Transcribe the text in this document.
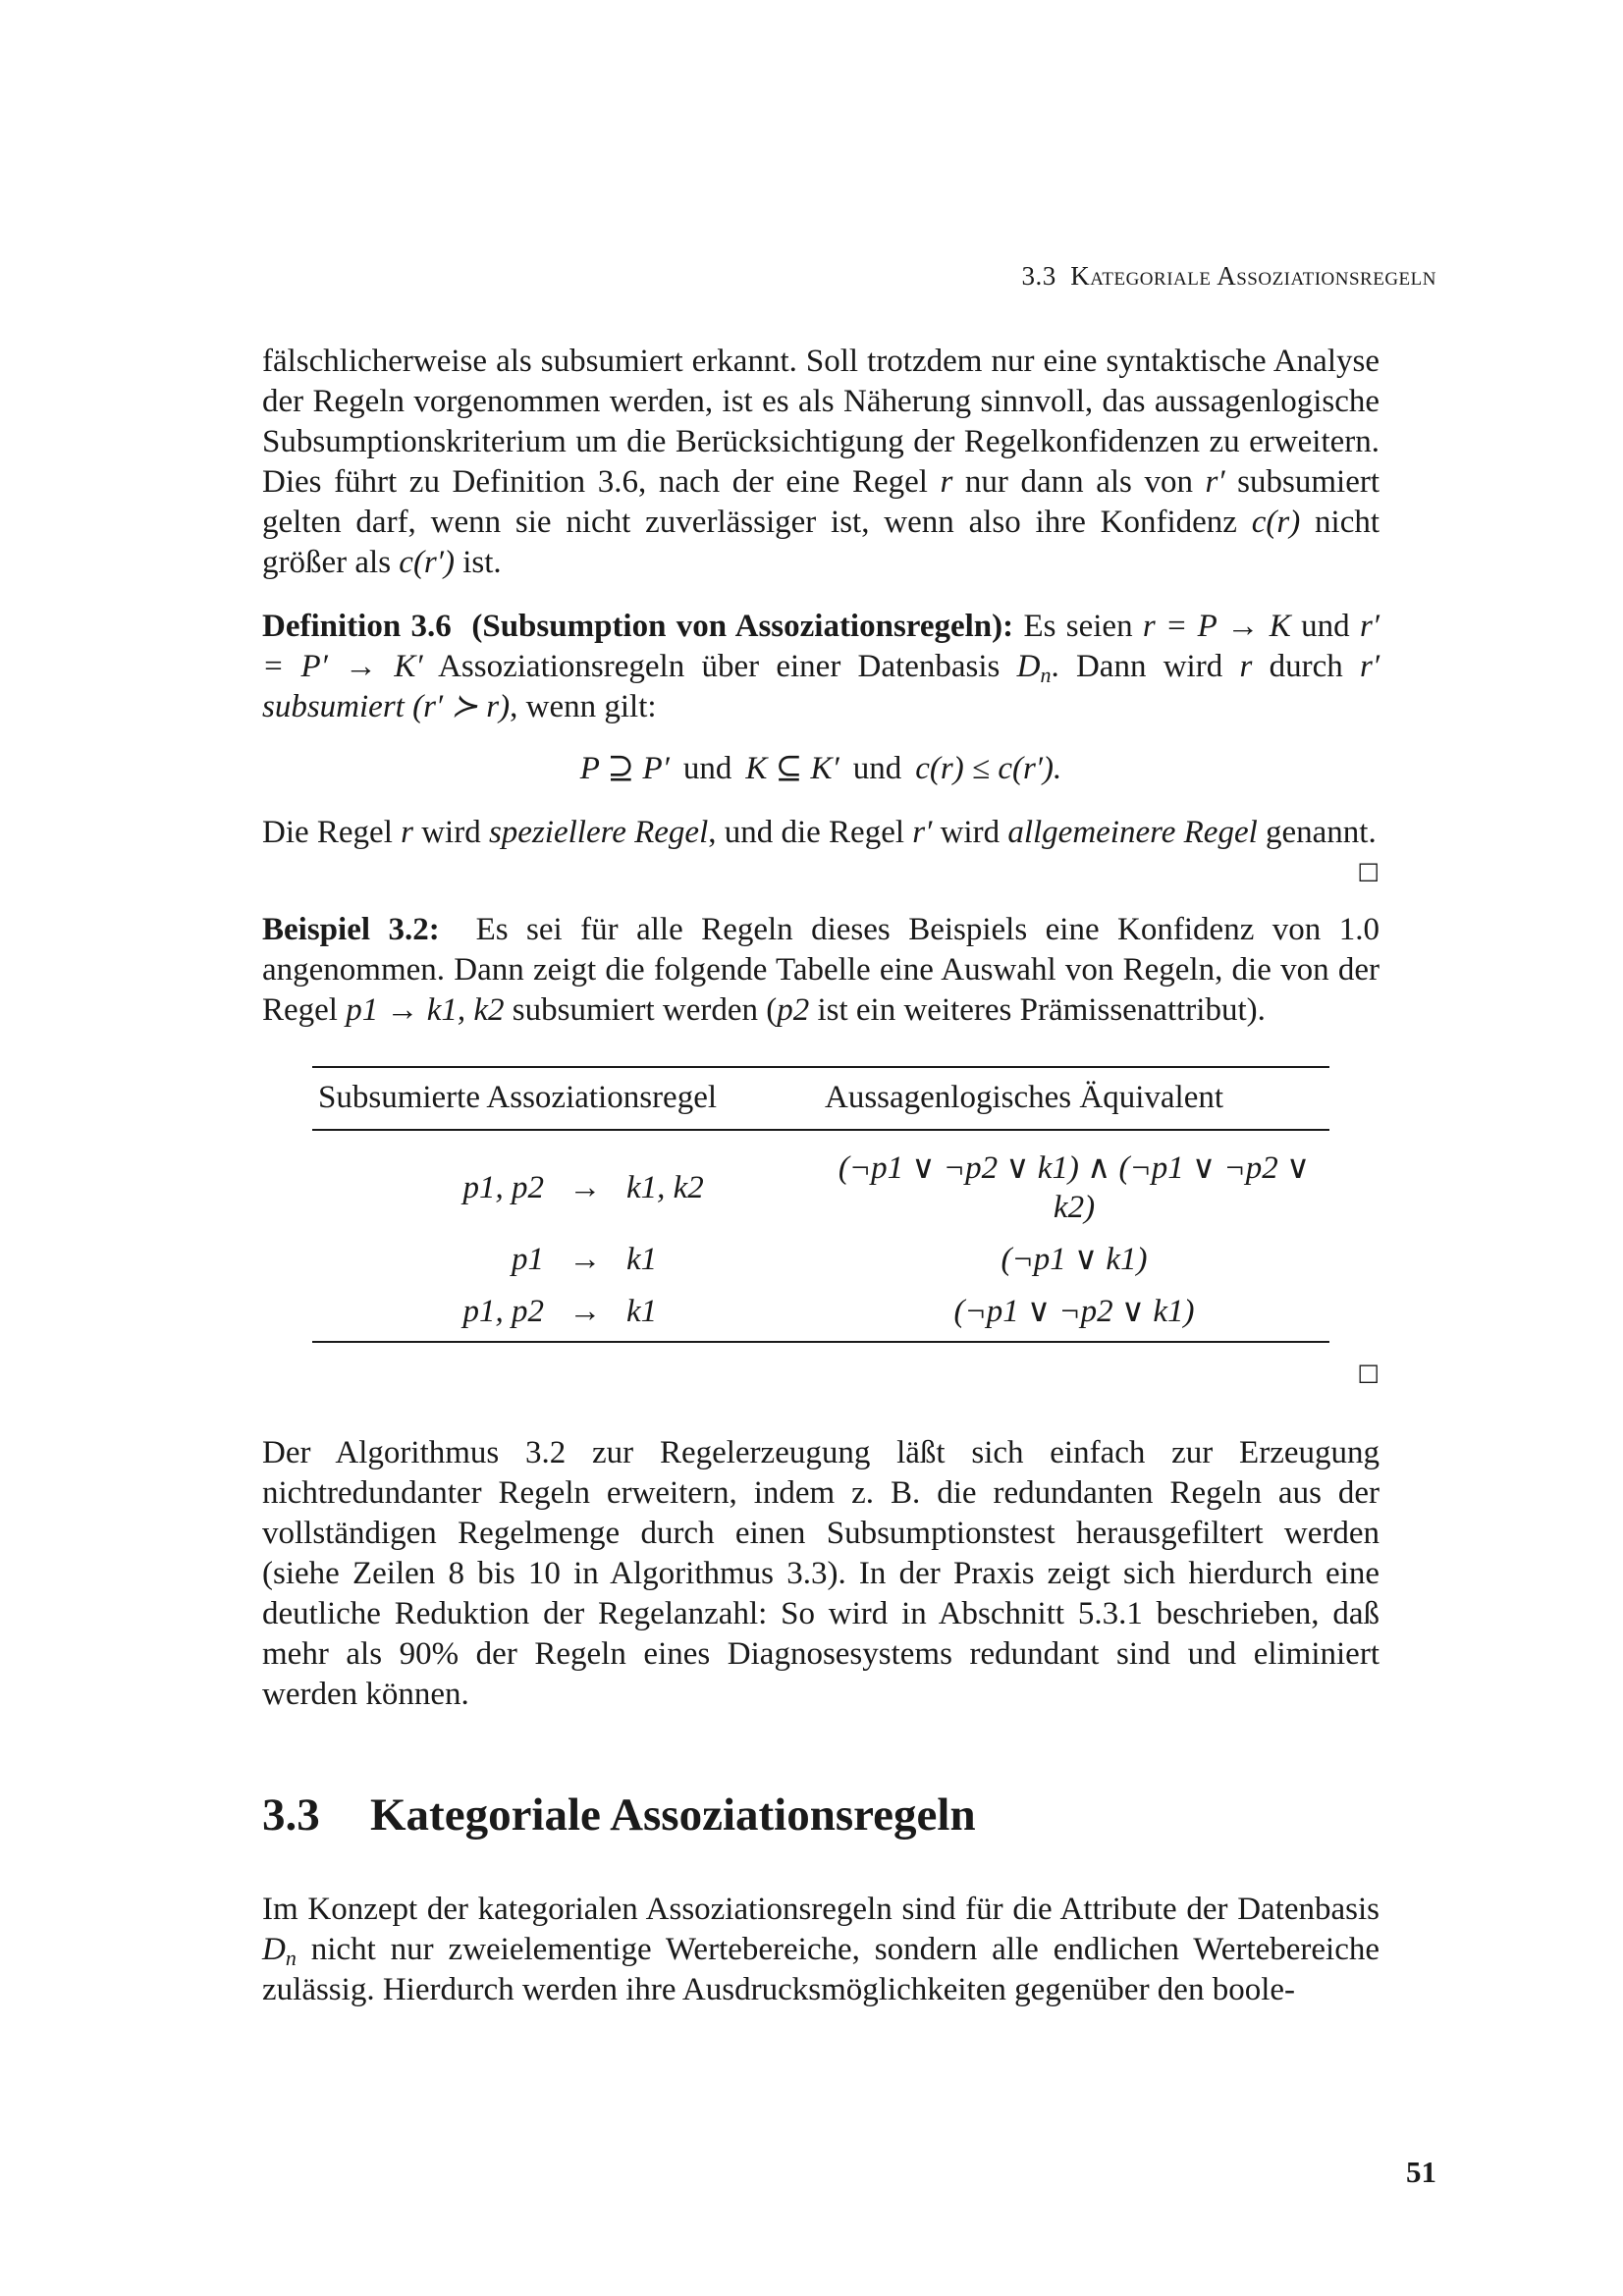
3.3 Kategoriale Assoziationsregeln

fälschlicherweise als subsumiert erkannt. Soll trotzdem nur eine syntaktische Analyse der Regeln vorgenommen werden, ist es als Näherung sinnvoll, das aussagenlogische Subsumptionskriterium um die Berücksichtigung der Regelkonfidenzen zu erweitern. Dies führt zu Definition 3.6, nach der eine Regel r nur dann als von r′ subsumiert gelten darf, wenn sie nicht zuverlässiger ist, wenn also ihre Konfidenz c(r) nicht größer als c(r′) ist.

Definition 3.6 (Subsumption von Assoziationsregeln): Es seien r = P → K und r′ = P′ → K′ Assoziationsregeln über einer Datenbasis $D_n$. Dann wird r durch r′ subsumiert (r′ ≻ r), wenn gilt:

P ⊇ P′ und K ⊆ K′ und c(r) ≤ c(r′).

Die Regel r wird speziellere Regel, und die Regel r′ wird allgemeinere Regel genannt.

□

Beispiel 3.2: Es sei für alle Regeln dieses Beispiels eine Konfidenz von 1.0 angenommen. Dann zeigt die folgende Tabelle eine Auswahl von Regeln, die von der Regel p1 → k1, k2 subsumiert werden (p2 ist ein weiteres Prämissenattribut).

Subsumierte Assoziationsregel			Aussagenlogisches Äquivalent
p1, p2	→	k1, k2	(¬p1 ∨ ¬p2 ∨ k1) ∧ (¬p1 ∨ ¬p2 ∨ k2)
p1	→	k1	(¬p1 ∨ k1)
p1, p2	→	k1	(¬p1 ∨ ¬p2 ∨ k1)
□

Der Algorithmus 3.2 zur Regelerzeugung läßt sich einfach zur Erzeugung nichtredundanter Regeln erweitern, indem z. B. die redundanten Regeln aus der vollständigen Regelmenge durch einen Subsumptionstest herausgefiltert werden (siehe Zeilen 8 bis 10 in Algorithmus 3.3). In der Praxis zeigt sich hierdurch eine deutliche Reduktion der Regelanzahl: So wird in Abschnitt 5.3.1 beschrieben, daß mehr als 90% der Regeln eines Diagnosesystems redundant sind und eliminiert werden können.

3.3 Kategoriale Assoziationsregeln

Im Konzept der kategorialen Assoziationsregeln sind für die Attribute der Datenbasis $D_n$ nicht nur zweielementige Wertebereiche, sondern alle endlichen Wertebereiche zulässig. Hierdurch werden ihre Ausdrucksmöglichkeiten gegenüber den boole-

51
